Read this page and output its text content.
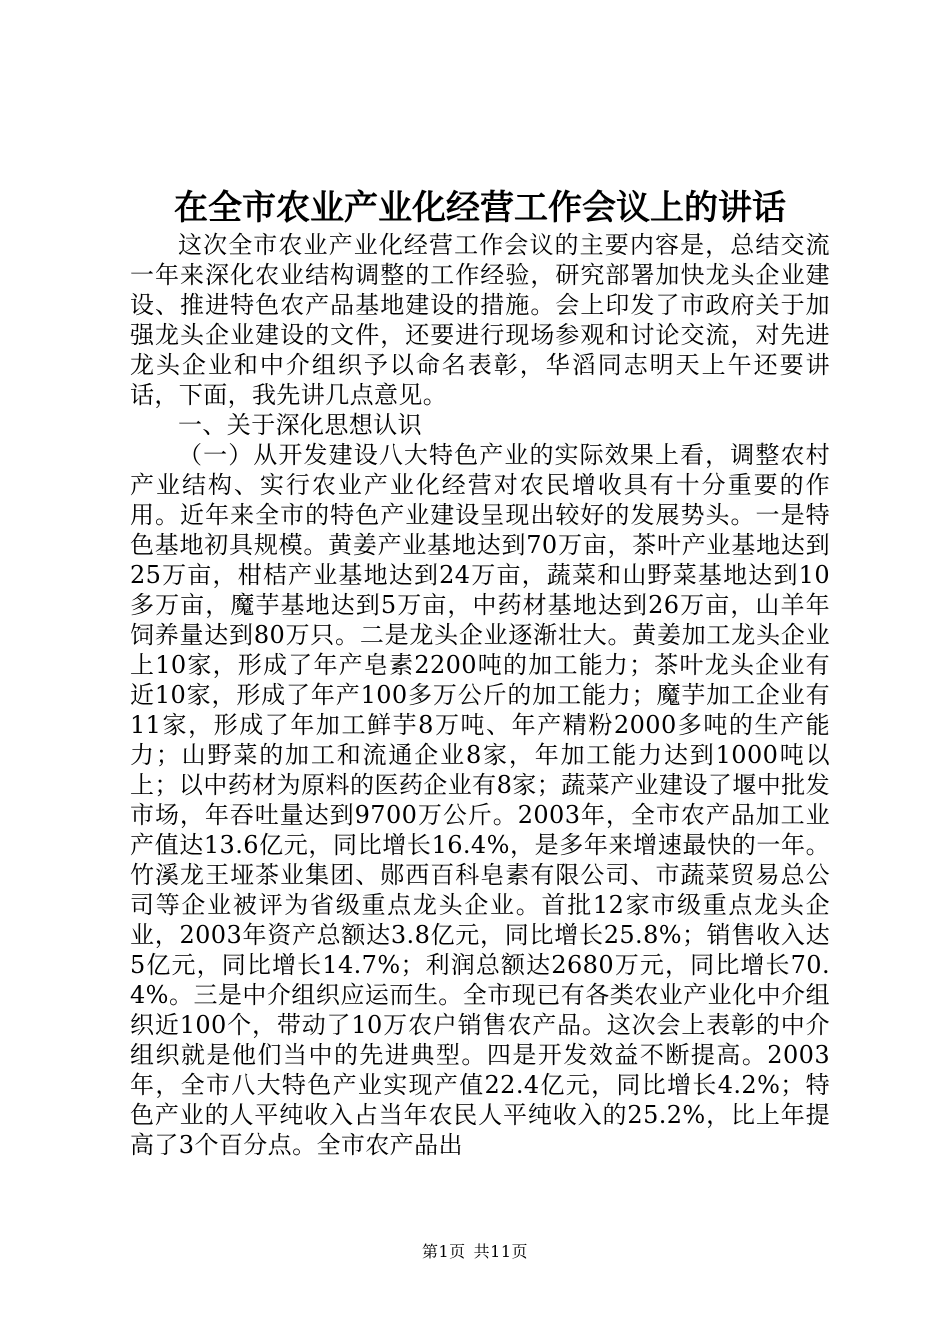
在全市农业产业化经营工作会议上的讲话

这次全市农业产业化经营工作会议的主要内容是，总结交流一年来深化农业结构调整的工作经验，研究部署加快龙头企业建设、推进特色农产品基地建设的措施。会上印发了市政府关于加强龙头企业建设的文件，还要进行现场参观和讨论交流，对先进龙头企业和中介组织予以命名表彰，华滔同志明天上午还要讲话，下面，我先讲几点意见。

一、关于深化思想认识

（一）从开发建设八大特色产业的实际效果上看，调整农村产业结构、实行农业产业化经营对农民增收具有十分重要的作用。近年来全市的特色产业建设呈现出较好的发展势头。一是特色基地初具规模。黄姜产业基地达到70万亩，茶叶产业基地达到25万亩，柑桔产业基地达到24万亩，蔬菜和山野菜基地达到10多万亩，魔芋基地达到5万亩，中药材基地达到26万亩，山羊年饲养量达到80万只。二是龙头企业逐渐壮大。黄姜加工龙头企业上10家，形成了年产皂素2200吨的加工能力；茶叶龙头企业有近10家，形成了年产100多万公斤的加工能力；魔芋加工企业有11家，形成了年加工鲜芋8万吨、年产精粉2000多吨的生产能力；山野菜的加工和流通企业8家，年加工能力达到1000吨以上；以中药材为原料的医药企业有8家；蔬菜产业建设了堰中批发市场，年吞吐量达到9700万公斤。2003年，全市农产品加工业产值达13.6亿元，同比增长16.4%，是多年来增速最快的一年。竹溪龙王垭茶业集团、郧西百科皂素有限公司、市蔬菜贸易总公司等企业被评为省级重点龙头企业。首批12家市级重点龙头企业，2003年资产总额达3.8亿元，同比增长25.8%；销售收入达5亿元，同比增长14.7%；利润总额达2680万元，同比增长70.4%。三是中介组织应运而生。全市现已有各类农业产业化中介组织近100个，带动了10万农户销售农产品。这次会上表彰的中介组织就是他们当中的先进典型。四是开发效益不断提高。2003年，全市八大特色产业实现产值22.4亿元，同比增长4.2%；特色产业的人平纯收入占当年农民人平纯收入的25.2%，比上年提高了3个百分点。全市农产品出

第1页 共11页
